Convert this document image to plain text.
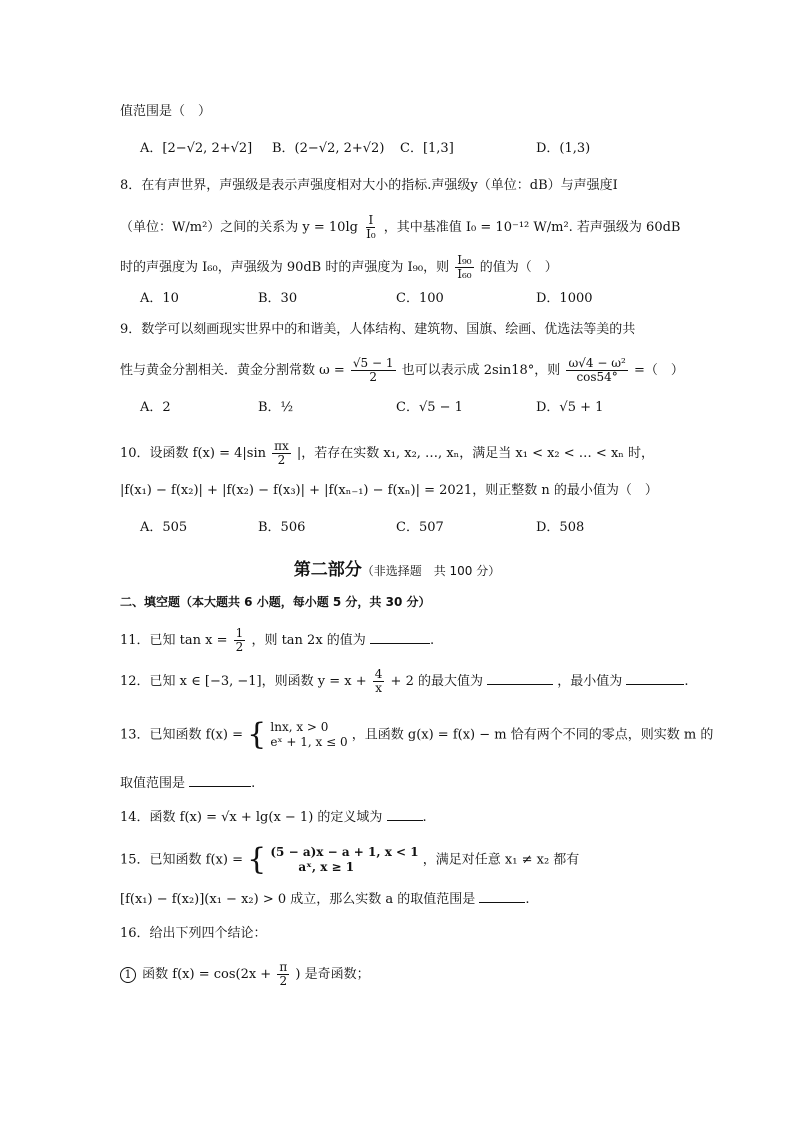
值范围是（　）
A．[2−√2, 2+√2] B．(2−√2, 2+√2) C．[1,3]	D．(1,3)
8．在有声世界，声强级是表示声强度相对大小的指标.声强级y（单位：dB）与声强度I
（单位：W/m²）之间的关系为 $y = 10\lg \frac{I}{\text{I₀}}$ ，其中基准值 I₀ = 10⁻¹² W/m². 若声强级为 60dB
时的声强度为 I₆₀，声强级为 90dB 时的声强度为 I₉₀，则 $\frac{\text{I₉₀}}{\text{I₆₀}}$ 的值为（　）
A．10	B．30	C．100	D．1000
9．数学可以刻画现实世界中的和谐美，人体结构、建筑物、国旗、绘画、优选法等美的共
性与黄金分割相关．黄金分割常数 $\omega = \frac{√5 - 1}{2}$ 也可以表示成 2sin18°，则 $\frac{\text{ω√4 − ω²}}{\cos 54^\circ}$ =（　）
A．2	B．½	C．√5 − 1	D．√5 + 1
10．设函数 $f(x) = 4|\sin \frac{\pi x}{2}$ |，若存在实数 x₁, x₂, …, xₙ，满足当 x₁ < x₂ < … < xₙ 时，
|f(x₁) − f(x₂)| + |f(x₂) − f(x₃)| + |f(xₙ₋₁) − f(xₙ)| = 2021，则正整数 n 的最小值为（　）
A．505	B．506	C．507	D．508
第二部分（非选择题　共 100 分）
二、填空题（本大题共 6 小题，每小题 5 分，共 30 分）
11．已知 $\tan x = \frac{1}{2}$ ，则 tan 2x 的值为	.
12．已知 x ∈ [−3, −1]，则函数 $y = x + \frac{4}{x} + 2$ 的最大值为	，最小值为	.
13．已知函数 f(x) = { lnx, x > 0
eˣ + 1, x ≤ 0 ，且函数 g(x) = f(x) − m 恰有两个不同的零点，则实数 m 的
取值范围是	.
14．函数 f(x) = √x + lg(x − 1) 的定义域为	.
15．已知函数 f(x) = { (5 − a)x − a + 1, x < 1
aˣ, x ≥ 1	，满足对任意 x₁ ≠ x₂ 都有
[f(x₁) − f(x₂)](x₁ − x₂) > 0 成立，那么实数 a 的取值范围是	.
16．给出下列四个结论：
1 函数 $f(x) = \cos(2x + \frac{\pi}{2}$ ) 是奇函数；
